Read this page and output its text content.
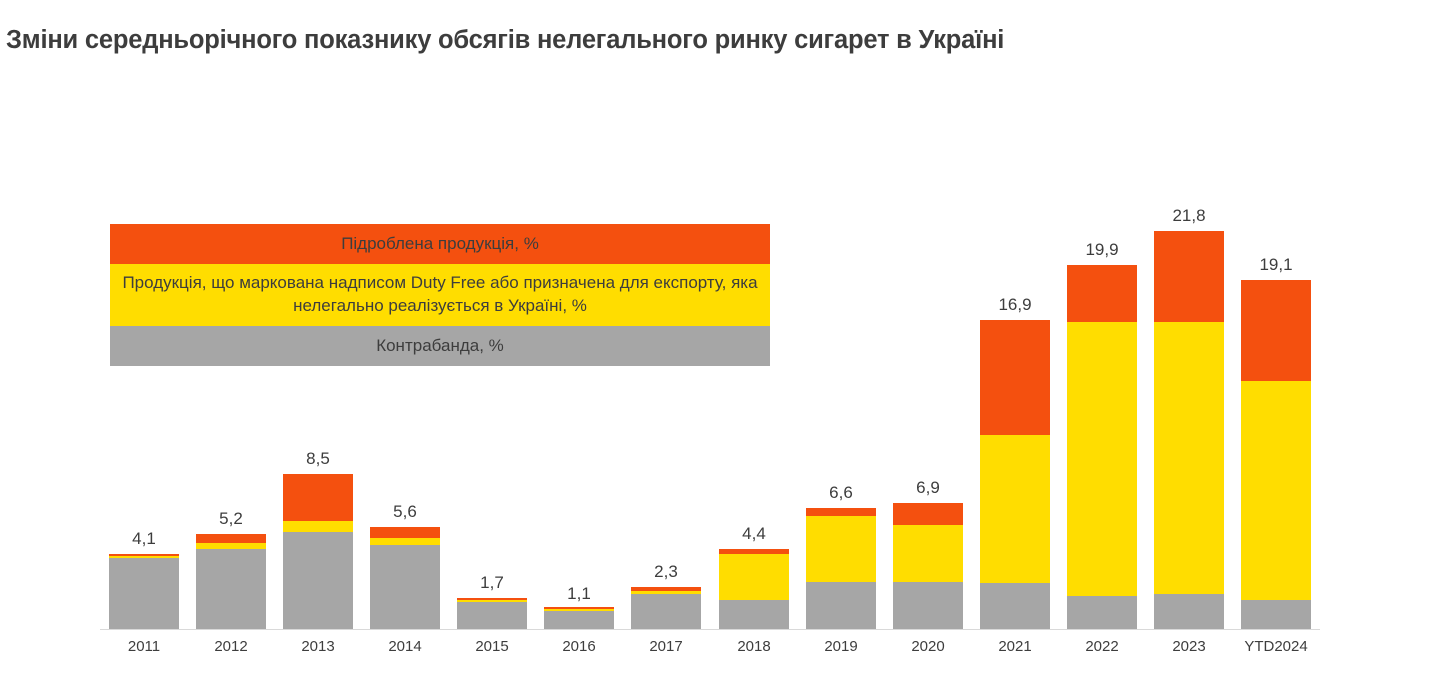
Зміни середньорічного показнику обсягів нелегального ринку сигарет в Україні
Підроблена продукція, %
Продукція, що маркована надписом Duty Free або призначена для експорту, яка нелегально реалізується в Україні, %
Контрабанда, %
4,1
5,2
8,5
5,6
1,7
1,1
2,3
4,4
6,6	6,9
16,9
19,9
21,8
19,1
2011	2012	2013	2014	2015	2016	2017	2018	2019	2020	2021	2022	2023	YTD2024
